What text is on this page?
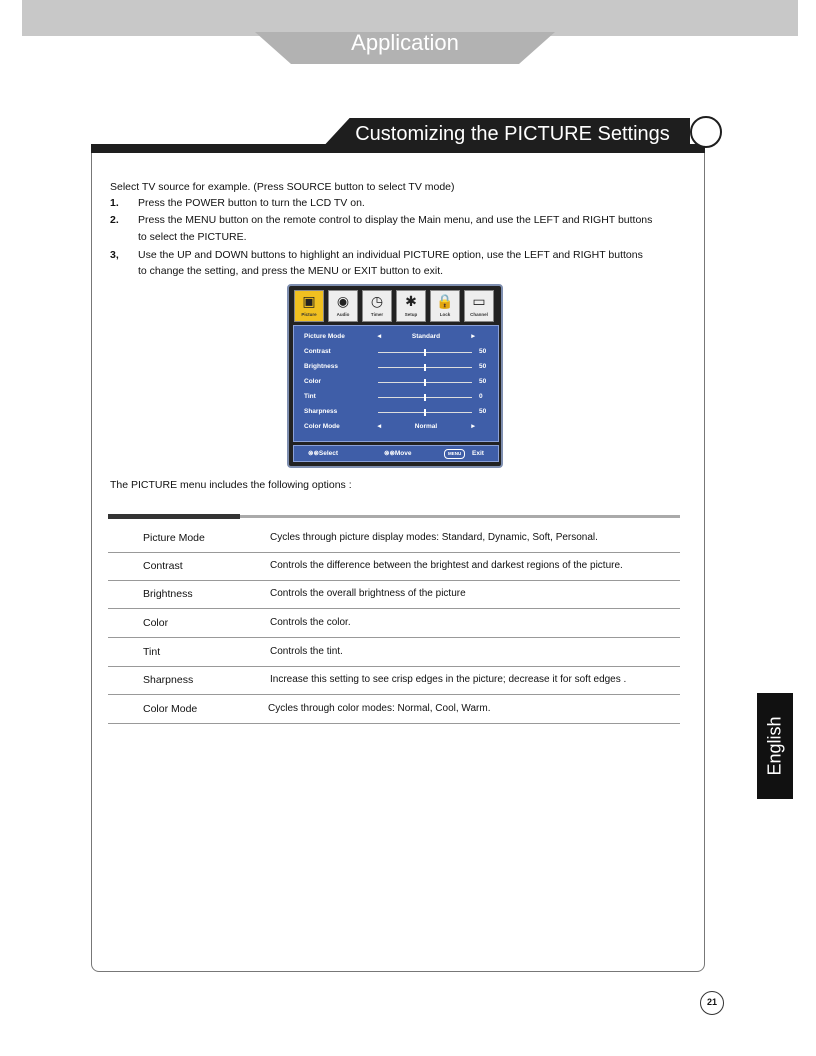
Application
Customizing the PICTURE Settings
Select TV source for example. (Press SOURCE button to select TV mode)
1. Press the POWER button to turn the LCD TV on.
2. Press the MENU button on the remote control to display the Main menu, and use the LEFT and RIGHT buttons
to select the PICTURE.
3, Use the UP and DOWN buttons to highlight an individual PICTURE option, use the LEFT and RIGHT buttons
to change the setting, and press the MENU or EXIT button to exit.
▣
Picture
◉
Audio
◷
Timer
✱
Setup
🔒
Lock
▭
Channel
Picture Mode	◄	Standard	►
Contrast	50
Brightness	50
Color	50
Tint	0
Sharpness	50
Color Mode	◄	Normal	►
⊗⊗Select	⊗⊗Move	MENU	Exit
The PICTURE menu includes the following options :
Picture Mode	Cycles through picture display modes: Standard, Dynamic, Soft, Personal.
Contrast	Controls the difference between the brightest and darkest regions of the picture.
Brightness	Controls the overall brightness of the picture
Color	Controls the color.
Tint	Controls the tint.
Sharpness	Increase this setting to see crisp edges in the picture; decrease it for soft edges .
Color Mode	Cycles through color modes: Normal, Cool, Warm.
English
21
